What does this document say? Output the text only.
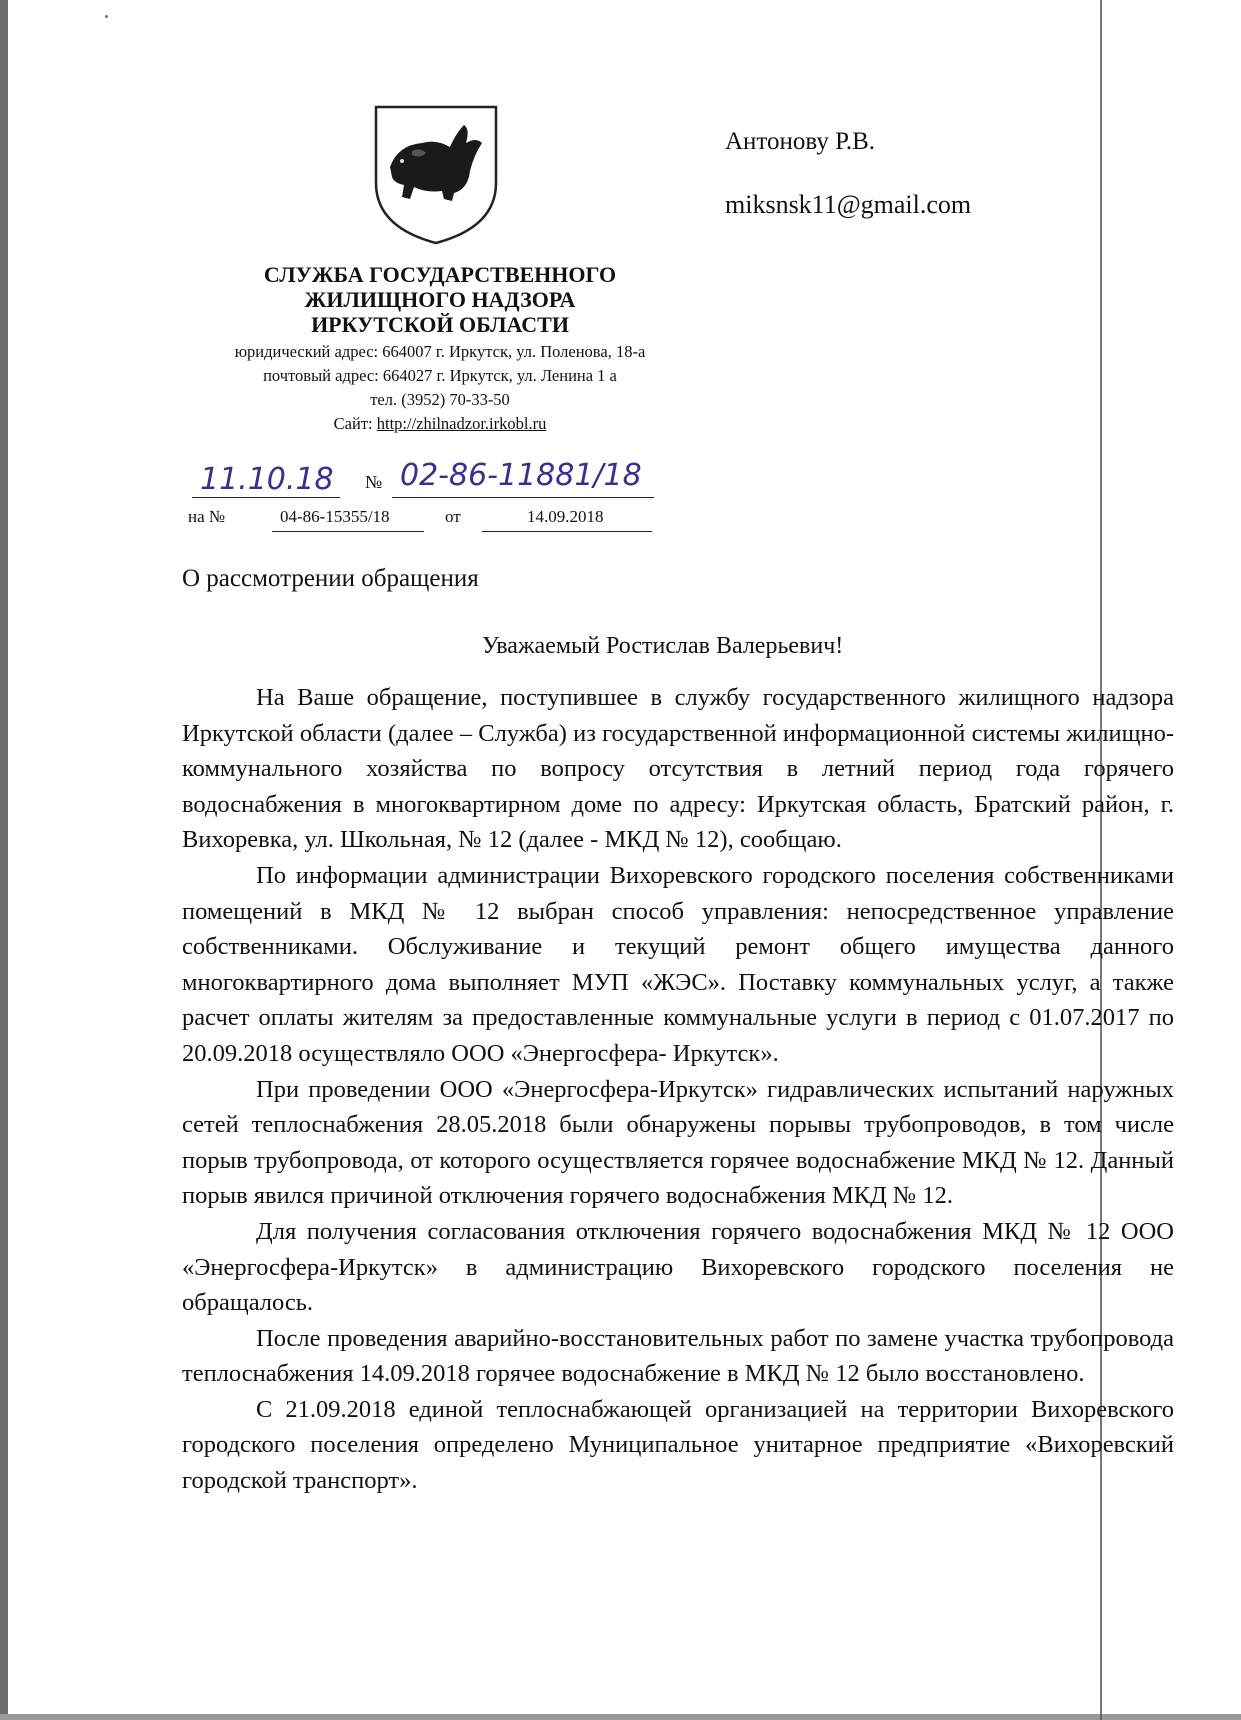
Антонову Р.В.
miksnsk11@gmail.com
СЛУЖБА ГОСУДАРСТВЕННОГО
ЖИЛИЩНОГО НАДЗОРА
ИРКУТСКОЙ ОБЛАСТИ
юридический адрес: 664007 г. Иркутск, ул. Поленова, 18-а
почтовый адрес: 664027 г. Иркутск, ул. Ленина 1 а
тел. (3952) 70-33-50
Сайт: http://zhilnadzor.irkobl.ru
11.10.18 № 02-86-11881/18
на №	04-86-15355/18	от	14.09.2018
О рассмотрении обращения
Уважаемый Ростислав Валерьевич!

На Ваше обращение, поступившее в службу государственного жилищного надзора Иркутской области (далее – Служба) из государственной информационной системы жилищно-коммунального хозяйства по вопросу отсутствия в летний период года горячего водоснабжения в многоквартирном доме по адресу: Иркутская область, Братский район, г. Вихоревка, ул. Школьная, № 12 (далее - МКД № 12), сообщаю.

По информации администрации Вихоревского городского поселения собственниками помещений в МКД № 12 выбран способ управления: непосредственное управление собственниками. Обслуживание и текущий ремонт общего имущества данного многоквартирного дома выполняет МУП «ЖЭС». Поставку коммунальных услуг, а также расчет оплаты жителям за предоставленные коммунальные услуги в период с 01.07.2017 по 20.09.2018 осуществляло ООО «Энергосфера- Иркутск».

При проведении ООО «Энергосфера-Иркутск» гидравлических испытаний наружных сетей теплоснабжения 28.05.2018 были обнаружены порывы трубопроводов, в том числе порыв трубопровода, от которого осуществляется горячее водоснабжение МКД № 12. Данный порыв явился причиной отключения горячего водоснабжения МКД № 12.

Для получения согласования отключения горячего водоснабжения МКД № 12 ООО «Энергосфера-Иркутск» в администрацию Вихоревского городского поселения не обращалось.

После проведения аварийно-восстановительных работ по замене участка трубопровода теплоснабжения 14.09.2018 горячее водоснабжение в МКД № 12 было восстановлено.

С 21.09.2018 единой теплоснабжающей организацией на территории Вихоревского городского поселения определено Муниципальное унитарное предприятие «Вихоревский городской транспорт».
